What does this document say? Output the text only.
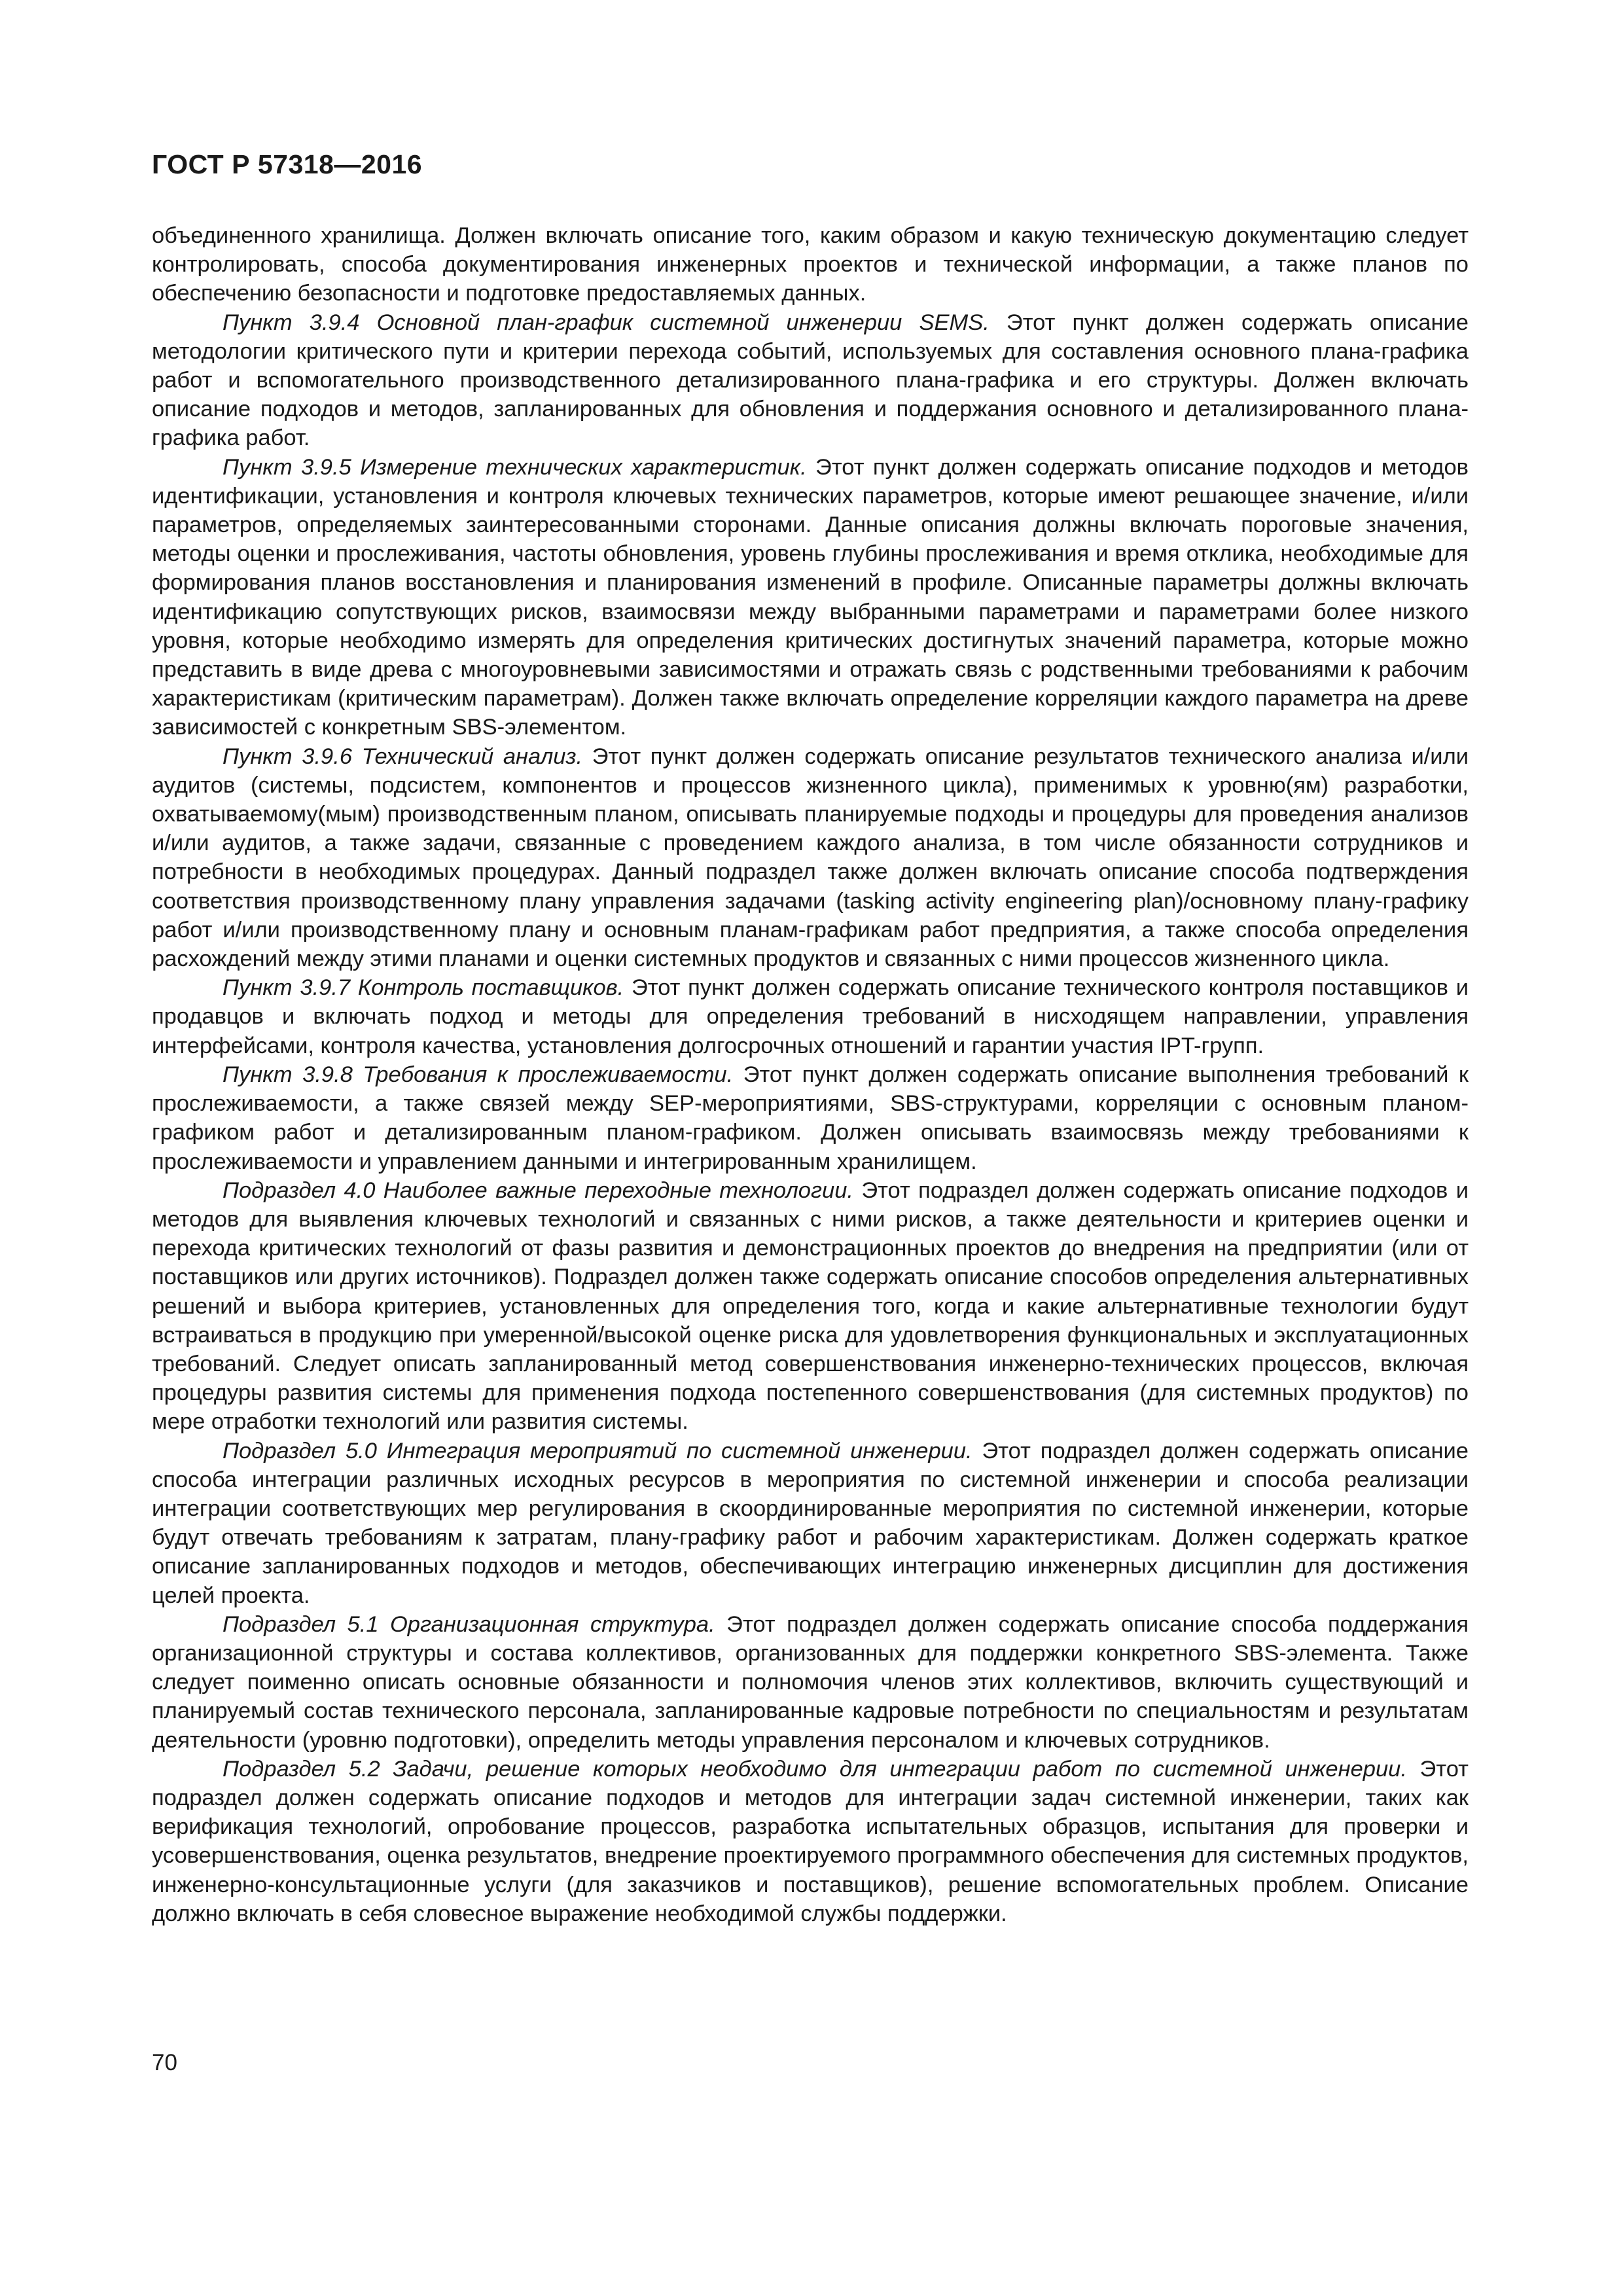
ГОСТ Р 57318—2016

объединенного хранилища. Должен включать описание того, каким образом и какую техническую документацию следует контролировать, способа документирования инженерных проектов и технической информации, а также планов по обеспечению безопасности и подготовке предоставляемых данных.

Пункт 3.9.4 Основной план-график системной инженерии SEMS. Этот пункт должен содержать описание методологии критического пути и критерии перехода событий, используемых для составления основного плана-графика работ и вспомогательного производственного детализированного плана-графика и его структуры. Должен включать описание подходов и методов, запланированных для обновления и поддержания основного и детализированного плана-графика работ.

Пункт 3.9.5 Измерение технических характеристик. Этот пункт должен содержать описание подходов и методов идентификации, установления и контроля ключевых технических параметров, которые имеют решающее значение, и/или параметров, определяемых заинтересованными сторонами. Данные описания должны включать пороговые значения, методы оценки и прослеживания, частоты обновления, уровень глубины прослеживания и время отклика, необходимые для формирования планов восстановления и планирования изменений в профиле. Описанные параметры должны включать идентификацию сопутствующих рисков, взаимосвязи между выбранными параметрами и параметрами более низкого уровня, которые необходимо измерять для определения критических достигнутых значений параметра, которые можно представить в виде древа с многоуровневыми зависимостями и отражать связь с родственными требованиями к рабочим характеристикам (критическим параметрам). Должен также включать определение корреляции каждого параметра на древе зависимостей с конкретным SBS-элементом.

Пункт 3.9.6 Технический анализ. Этот пункт должен содержать описание результатов технического анализа и/или аудитов (системы, подсистем, компонентов и процессов жизненного цикла), применимых к уровню(ям) разработки, охватываемому(мым) производственным планом, описывать планируемые подходы и процедуры для проведения анализов и/или аудитов, а также задачи, связанные с проведением каждого анализа, в том числе обязанности сотрудников и потребности в необходимых процедурах. Данный подраздел также должен включать описание способа подтверждения соответствия производственному плану управления задачами (tasking activity engineering plan)/основному плану-графику работ и/или производственному плану и основным планам-графикам работ предприятия, а также способа определения расхождений между этими планами и оценки системных продуктов и связанных с ними процессов жизненного цикла.

Пункт 3.9.7 Контроль поставщиков. Этот пункт должен содержать описание технического контроля поставщиков и продавцов и включать подход и методы для определения требований в нисходящем направлении, управления интерфейсами, контроля качества, установления долгосрочных отношений и гарантии участия IPT-групп.

Пункт 3.9.8 Требования к прослеживаемости. Этот пункт должен содержать описание выполнения требований к прослеживаемости, а также связей между SEP-мероприятиями, SBS-структурами, корреляции с основным планом-графиком работ и детализированным планом-графиком. Должен описывать взаимосвязь между требованиями к прослеживаемости и управлением данными и интегрированным хранилищем.

Подраздел 4.0 Наиболее важные переходные технологии. Этот подраздел должен содержать описание подходов и методов для выявления ключевых технологий и связанных с ними рисков, а также деятельности и критериев оценки и перехода критических технологий от фазы развития и демонстрационных проектов до внедрения на предприятии (или от поставщиков или других источников). Подраздел должен также содержать описание способов определения альтернативных решений и выбора критериев, установленных для определения того, когда и какие альтернативные технологии будут встраиваться в продукцию при умеренной/высокой оценке риска для удовлетворения функциональных и эксплуатационных требований. Следует описать запланированный метод совершенствования инженерно-технических процессов, включая процедуры развития системы для применения подхода постепенного совершенствования (для системных продуктов) по мере отработки технологий или развития системы.

Подраздел 5.0 Интеграция мероприятий по системной инженерии. Этот подраздел должен содержать описание способа интеграции различных исходных ресурсов в мероприятия по системной инженерии и способа реализации интеграции соответствующих мер регулирования в скоординированные мероприятия по системной инженерии, которые будут отвечать требованиям к затратам, плану-графику работ и рабочим характеристикам. Должен содержать краткое описание запланированных подходов и методов, обеспечивающих интеграцию инженерных дисциплин для достижения целей проекта.

Подраздел 5.1 Организационная структура. Этот подраздел должен содержать описание способа поддержания организационной структуры и состава коллективов, организованных для поддержки конкретного SBS-элемента. Также следует поименно описать основные обязанности и полномочия членов этих коллективов, включить существующий и планируемый состав технического персонала, запланированные кадровые потребности по специальностям и результатам деятельности (уровню подготовки), определить методы управления персоналом и ключевых сотрудников.

Подраздел 5.2 Задачи, решение которых необходимо для интеграции работ по системной инженерии. Этот подраздел должен содержать описание подходов и методов для интеграции задач системной инженерии, таких как верификация технологий, опробование процессов, разработка испытательных образцов, испытания для проверки и усовершенствования, оценка результатов, внедрение проектируемого программного обеспечения для системных продуктов, инженерно-консультационные услуги (для заказчиков и поставщиков), решение вспомогательных проблем. Описание должно включать в себя словесное выражение необходимой службы поддержки.

70
